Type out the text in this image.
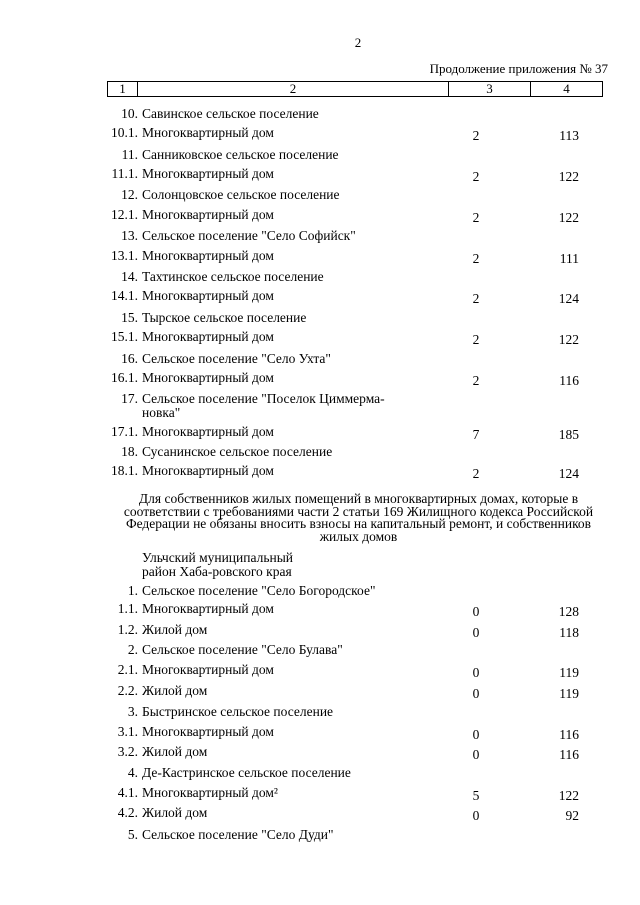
2
Продолжение приложения № 37
1	2	3	4
10. Савинское сельское поселение
10.1. Многоквартирный дом	2	113
11. Санниковское сельское поселение
11.1. Многоквартирный дом	2	122
12. Солонцовское сельское поселение
12.1. Многоквартирный дом	2	122
13. Сельское поселение "Село Софийск"
13.1. Многоквартирный дом	2	111
14. Тахтинское сельское поселение
14.1. Многоквартирный дом	2	124
15. Тырское сельское поселение
15.1. Многоквартирный дом	2	122
16. Сельское поселение "Село Ухта"
16.1. Многоквартирный дом	2	116
17. Сельское поселение "Поселок Циммерма-новка"
17.1. Многоквартирный дом	7	185
18. Сусанинское сельское поселение
18.1. Многоквартирный дом	2	124
Для собственников жилых помещений в многоквартирных домах, которые в соответствии с требованиями части 2 статьи 169 Жилищного кодекса Российской Федерации не обязаны вносить взносы на капитальный ремонт, и собственников жилых домов
Ульчский муниципальный район Хаба-ровского края
1. Сельское поселение "Село Богородское"
1.1. Многоквартирный дом	0	128
1.2. Жилой дом	0	118
2. Сельское поселение "Село Булава"
2.1. Многоквартирный дом	0	119
2.2. Жилой дом	0	119
3. Быстринское сельское поселение
3.1. Многоквартирный дом	0	116
3.2. Жилой дом	0	116
4. Де-Кастринское сельское поселение
4.1. Многоквартирный дом²	5	122
4.2. Жилой дом	0	92
5. Сельское поселение "Село Дуди"
